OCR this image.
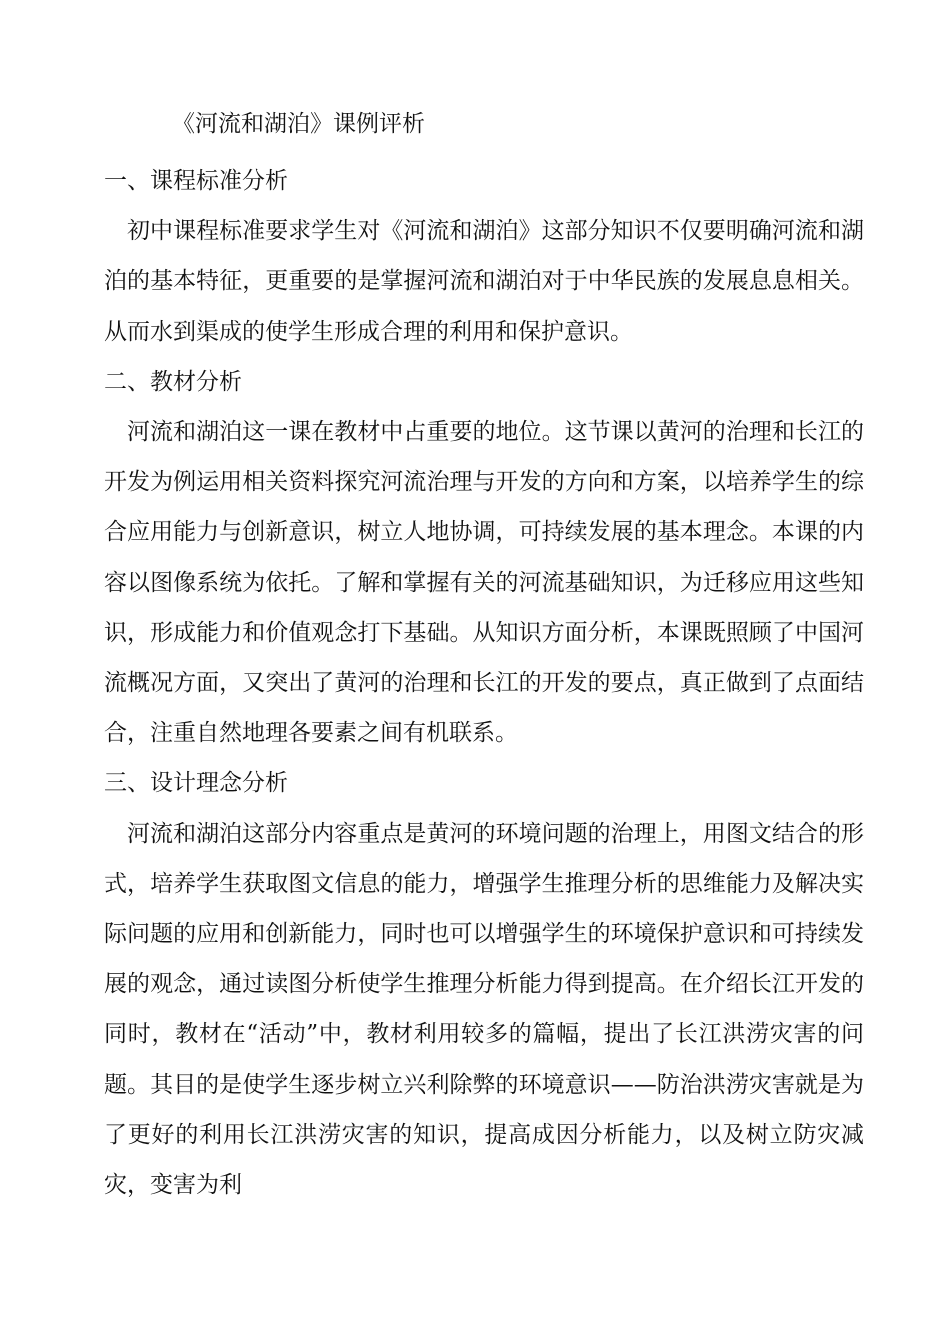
《河流和湖泊》课例评析

一、课程标准分析

初中课程标准要求学生对《河流和湖泊》这部分知识不仅要明确河流和湖泊的基本特征，更重要的是掌握河流和湖泊对于中华民族的发展息息相关。从而水到渠成的使学生形成合理的利用和保护意识。

二、教材分析

河流和湖泊这一课在教材中占重要的地位。这节课以黄河的治理和长江的开发为例运用相关资料探究河流治理与开发的方向和方案，以培养学生的综合应用能力与创新意识，树立人地协调，可持续发展的基本理念。本课的内容以图像系统为依托。了解和掌握有关的河流基础知识，为迁移应用这些知识，形成能力和价值观念打下基础。从知识方面分析，本课既照顾了中国河流概况方面，又突出了黄河的治理和长江的开发的要点，真正做到了点面结合，注重自然地理各要素之间有机联系。

三、设计理念分析

河流和湖泊这部分内容重点是黄河的环境问题的治理上，用图文结合的形式，培养学生获取图文信息的能力，增强学生推理分析的思维能力及解决实际问题的应用和创新能力，同时也可以增强学生的环境保护意识和可持续发展的观念，通过读图分析使学生推理分析能力得到提高。在介绍长江开发的同时，教材在“活动”中，教材利用较多的篇幅，提出了长江洪涝灾害的问题。其目的是使学生逐步树立兴利除弊的环境意识——防治洪涝灾害就是为了更好的利用长江洪涝灾害的知识，提高成因分析能力，以及树立防灾减灾，变害为利
